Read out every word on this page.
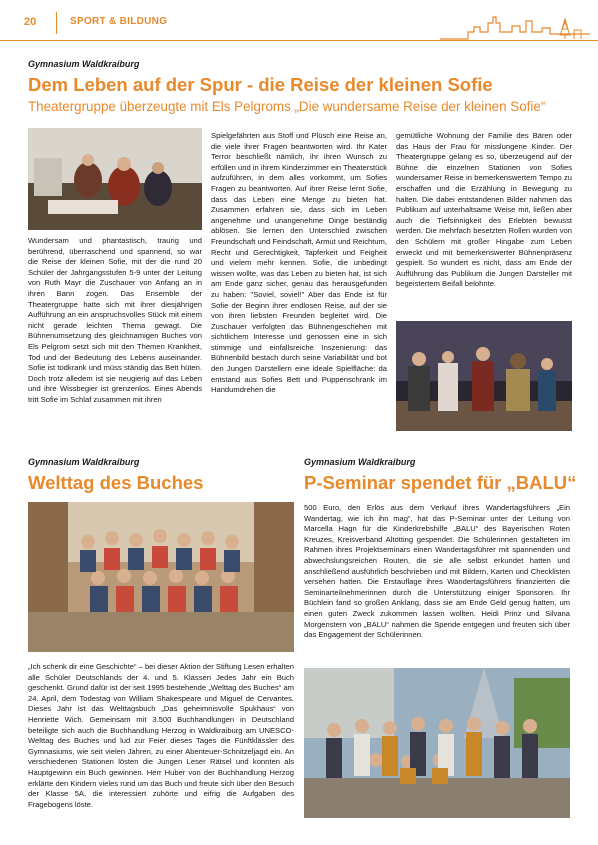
20	SPORT & BILDUNG
Gymnasium Waldkraiburg
Dem Leben auf der Spur - die Reise der kleinen Sofie
Theatergruppe überzeugte mit Els Pelgroms „Die wundersame Reise der kleinen Sofie“
Wundersam und phantastisch, traurig und berührend, überraschend und spannend, so war die Reise der kleinen Sofie, mit der die rund 20 Schüler der Jahrgangsstufen 5-9 unter der Leitung von Ruth Mayr die Zuschauer von Anfang an in ihren Bann zogen. Das Ensemble der Theatergruppe hatte sich mit ihrer diesjährigen Aufführung an ein anspruchsvolles Stück mit einem nicht gerade leichten Thema gewagt. Die Bühnenumsetzung des gleichnamigen Buches von Els Pelgrom setzt sich mit den Themen Krankheit, Tod und der Bedeutung des Lebens auseinander. Sofie ist todkrank und müss ständig das Bett hüten. Doch trotz alledem ist sie neugierig auf das Leben und ihre Wissbegier ist grenzenlos. Eines Abends tritt Sofie im Schlaf zusammen mit ihren
Spielgefährten aus Stoff und Plüsch eine Reise an, die viele ihrer Fragen beantworten wird. Ihr Kater Terror beschließt nämlich, ihr ihren Wunsch zu erfüllen und in ihrem Kinderzimmer ein Theaterstück aufzuführen, in dem alles vorkommt, um Sofies Fragen zu beantworten. Auf ihrer Reise lernt Sofie, dass das Leben eine Menge zu bieten hat. Zusammen erfahren sie, dass sich im Leben angenehme und unangenehme Dinge beständig ablösen. Sie lernen den Unterschied zwischen Freundschaft und Feindschaft, Armut und Reichtum, Recht und Gerechtigkeit, Tapferkeit und Feigheit und vielem mehr kennen. Sofie, die unbedingt wissen wollte, was das Leben zu bieten hat, ist sich am Ende ganz sicher, genau das herausgefunden zu haben: "Soviel, soviel!" Aber das Ende ist für Sofie der Beginn ihrer endlosen Reise, auf der sie von ihren liebsten Freunden begleitet wird. Die Zuschauer verfolgten das Bühnengeschehen mit sichtlichem Interesse und genossen eine in sich stimmige und einfallsreiche Inszenierung: das Bühnenbild bestach durch seine Variabilität und bot den Jungen Darstellern eine ideale Spielfläche: da entstand aus Sofies Bett und Puppenschrank im Handumdrehen die
gemütliche Wohnung der Familie des Bären oder das Haus der Frau für misslungene Kinder. Der Theatergruppe gelang es so, überzeugend auf der Bühne die einzelnen Stationen von Sofies wundersamer Reise in bemerkenswertem Tempo zu erschaffen und die Erzählung in Bewegung zu halten. Die dabei entstandenen Bilder nahmen das Publikum auf unterhaltsame Weise mit, ließen aber auch die Tiefsinnigkeit des Erlebten bewusst werden. Die mehrfach besetzten Rollen wurden von den Schülern mit großer Hingabe zum Leben erweckt und mit bemerkenswerter Bühnenpräsenz gespielt. So wundert es nicht, dass am Ende der Aufführung das Publikum die Jungen Darsteller mit begeistertem Beifall belohnte.
Gymnasium Waldkraiburg
Welttag des Buches
„Ich schenk dir eine Geschichte“ – bei dieser Aktion der Stiftung Lesen erhalten alle Schüler Deutschlands der 4. und 5. Klassen Jedes Jahr ein Buch geschenkt. Grund dafür ist der seit 1995 bestehende „Welttag des Buches“ am 24. April, dem Todestag von William Shakespeare und Miguel de Cervantes. Dieses Jahr ist das Welttagsbuch „Das geheimnisvolle Spukhaus“ von Henriette Wich. Gemeinsam mit 3.500 Buchhandlungen in Deutschland beteiligte sich auch die Buchhandlung Herzog in Waldkraiburg am UNESCO-Welttag des Buches und lud zur Feier dieses Tages die Fünftklässler des Gymnasiums, wie seit vielen Jahren, zu einer Abenteuer-Schnitzeljagd ein. An verschiedenen Stationen lösten die Jungen Leser Rätsel und konnten als Hauptgewinn ein Buch gewinnen. Herr Huber von der Buchhandlung Herzog erklärte den Kindern vieles rund um das Buch und freute sich über den Besuch der Klasse 5A, die interessiert zuhörte und eifrig die Aufgaben des Fragebogens löste.
Gymnasium Waldkraiburg
P-Seminar spendet für „BALU“
500 Euro, den Erlös aus dem Verkauf ihres Wandertagsführers „Ein Wandertag, wie ich ihn mag“, hat das P-Seminar unter der Leitung von Marcella Hagn für die Kinderkrebshilfe „BALU“ des Bayerischen Roten Kreuzes, Kreisverband Altötting gespendet. Die Schülerinnen gestalteten im Rahmen ihres Projektseminars einen Wandertagsführer mit spannenden und abwechslungsreichen Routen, die sie alle selbst erkundet hatten und anschließend ausführlich beschrieben und mit Bildern, Karten und Checklisten versehen hatten. Die Erstauflage ihres Wandertagsführers finanzierten die Seminarteilnehmerinnen durch die Unterstützung einiger Sponsoren. Ihr Büchlein fand so großen Anklang, dass sie am Ende Geld genug hatten, um einen guten Zweck zukommen lassen wollten. Heidi Prinz und Silvana Morgenstern von „BALU“ nahmen die Spende entgegen und freuten sich über das Engagement der Schülerinnen.
